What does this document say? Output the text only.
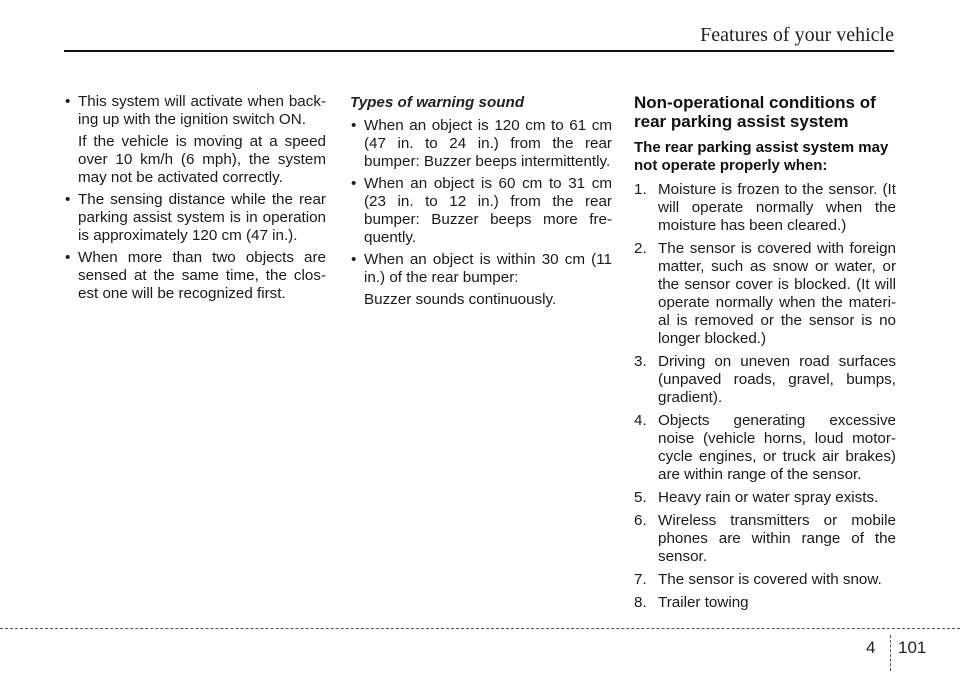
Features of your vehicle
• This system will activate when back-ing up with the ignition switch ON.
If the vehicle is moving at a speed over 10 km/h (6 mph), the system may not be activated correctly.
• The sensing distance while the rear parking assist system is in operation is approximately 120 cm (47 in.).
• When more than two objects are sensed at the same time, the clos-est one will be recognized first.
Types of warning sound
• When an object is 120 cm to 61 cm (47 in. to 24 in.) from the rear bumper: Buzzer beeps intermittently.
• When an object is 60 cm to 31 cm (23 in. to 12 in.) from the rear bumper: Buzzer beeps more fre-quently.
• When an object is within 30 cm (11 in.) of the rear bumper:
Buzzer sounds continuously.
Non-operational conditions of rear parking assist system
The rear parking assist system may not operate properly when:
1. Moisture is frozen to the sensor. (It will operate normally when the moisture has been cleared.)
2. The sensor is covered with foreign matter, such as snow or water, or the sensor cover is blocked. (It will operate normally when the materi-al is removed or the sensor is no longer blocked.)
3. Driving on uneven road surfaces (unpaved roads, gravel, bumps, gradient).
4. Objects generating excessive noise (vehicle horns, loud motor-cycle engines, or truck air brakes) are within range of the sensor.
5. Heavy rain or water spray exists.
6. Wireless transmitters or mobile phones are within range of the sensor.
7. The sensor is covered with snow.
8. Trailer towing
4 101
